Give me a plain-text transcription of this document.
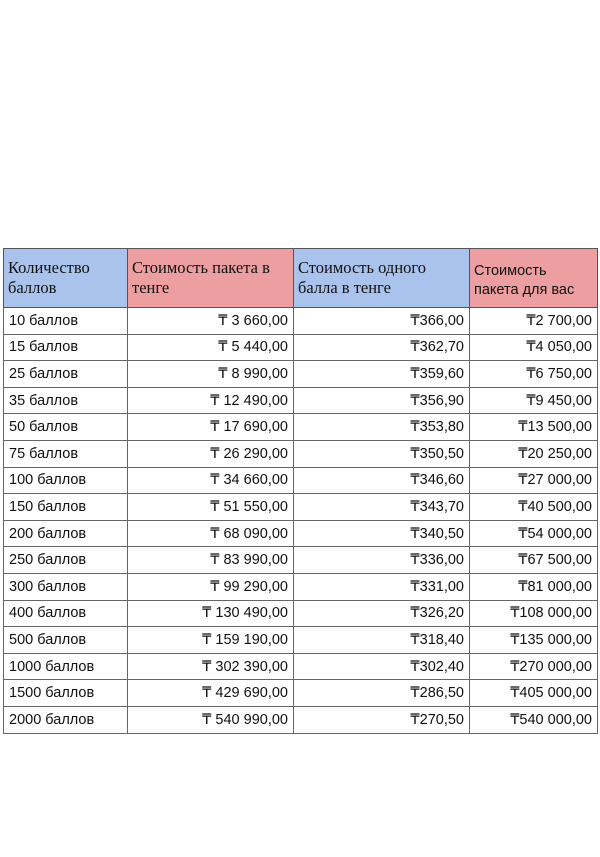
Количество баллов	Стоимость пакета в тенге	Стоимость одного балла в тенге	Стоимость пакета для вас
10 баллов	₸ 3 660,00	₸366,00	₸2 700,00
15 баллов	₸ 5 440,00	₸362,70	₸4 050,00
25 баллов	₸ 8 990,00	₸359,60	₸6 750,00
35 баллов	₸ 12 490,00	₸356,90	₸9 450,00
50 баллов	₸ 17 690,00	₸353,80	₸13 500,00
75 баллов	₸ 26 290,00	₸350,50	₸20 250,00
100 баллов	₸ 34 660,00	₸346,60	₸27 000,00
150 баллов	₸ 51 550,00	₸343,70	₸40 500,00
200 баллов	₸ 68 090,00	₸340,50	₸54 000,00
250 баллов	₸ 83 990,00	₸336,00	₸67 500,00
300 баллов	₸ 99 290,00	₸331,00	₸81 000,00
400 баллов	₸ 130 490,00	₸326,20	₸108 000,00
500 баллов	₸ 159 190,00	₸318,40	₸135 000,00
1000 баллов	₸ 302 390,00	₸302,40	₸270 000,00
1500 баллов	₸ 429 690,00	₸286,50	₸405 000,00
2000 баллов	₸ 540 990,00	₸270,50	₸540 000,00
